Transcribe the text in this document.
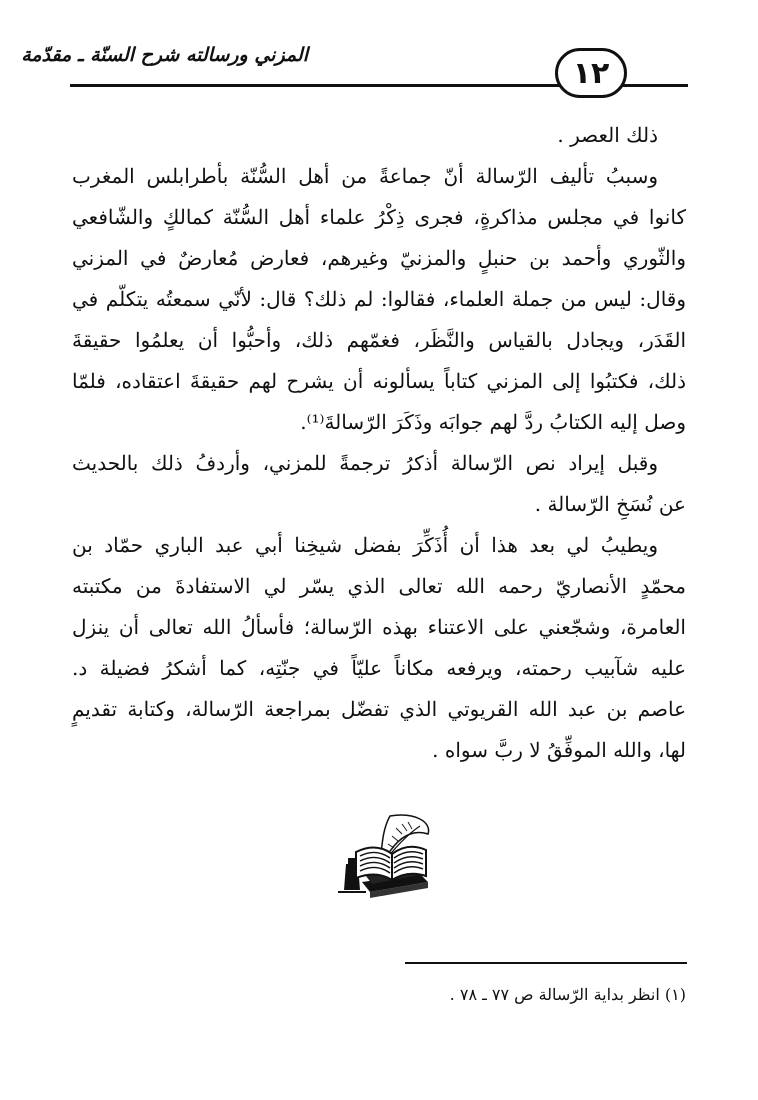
المزني ورسالته شرح السنّة ـ مقدّمة
١٢

ذلك العصر .

وسببُ تأليف الرّسالة أنّ جماعةً من أهل السُّنّة بأطرابلس المغرب
كانوا في مجلس مذاكرةٍ، فجرى ذِكْرُ علماء أهل السُّنّة كمالكٍ والشّافعي
والثّوري وأحمد بن حنبلٍ والمزنيّ وغيرهم، فعارض مُعارضٌ في المزني
وقال: ليس من جملة العلماء، فقالوا: لم ذلك؟ قال: لأنّي سمعتُه يتكلّم في
القَدَر، ويجادل بالقياس والنَّظَر، فغمّهم ذلك، وأحبُّوا أن يعلمُوا حقيقةَ
ذلك، فكتبُوا إلى المزني كتاباً يسألونه أن يشرح لهم حقيقةَ اعتقاده، فلمّا
وصل إليه الكتابُ ردَّ لهم جوابَه وذَكَرَ الرّسالةَ⁽¹⁾.

وقبل إيراد نص الرّسالة أذكرُ ترجمةً للمزني، وأردفُ ذلك بالحديث
عن نُسَخِ الرّسالة .

ويطيبُ لي بعد هذا أن أُذَكِّرَ بفضل شيخِنا أبي عبد الباري حمّاد بن
محمّدٍ الأنصاريّ رحمه الله تعالى الذي يسّر لي الاستفادةَ من مكتبته
العامرة، وشجّعني على الاعتناء بهذه الرّسالة؛ فأسألُ الله تعالى أن ينزل
عليه شآبيب رحمته، ويرفعه مكاناً عليّاً في جنّتِه، كما أشكرُ فضيلة د.
عاصم بن عبد الله القريوتي الذي تفضّل بمراجعة الرّسالة، وكتابة تقديمٍ
لها، والله الموفِّقُ لا ربَّ سواه .

(١) انظر بداية الرّسالة ص ٧٧ ـ ٧٨ .
